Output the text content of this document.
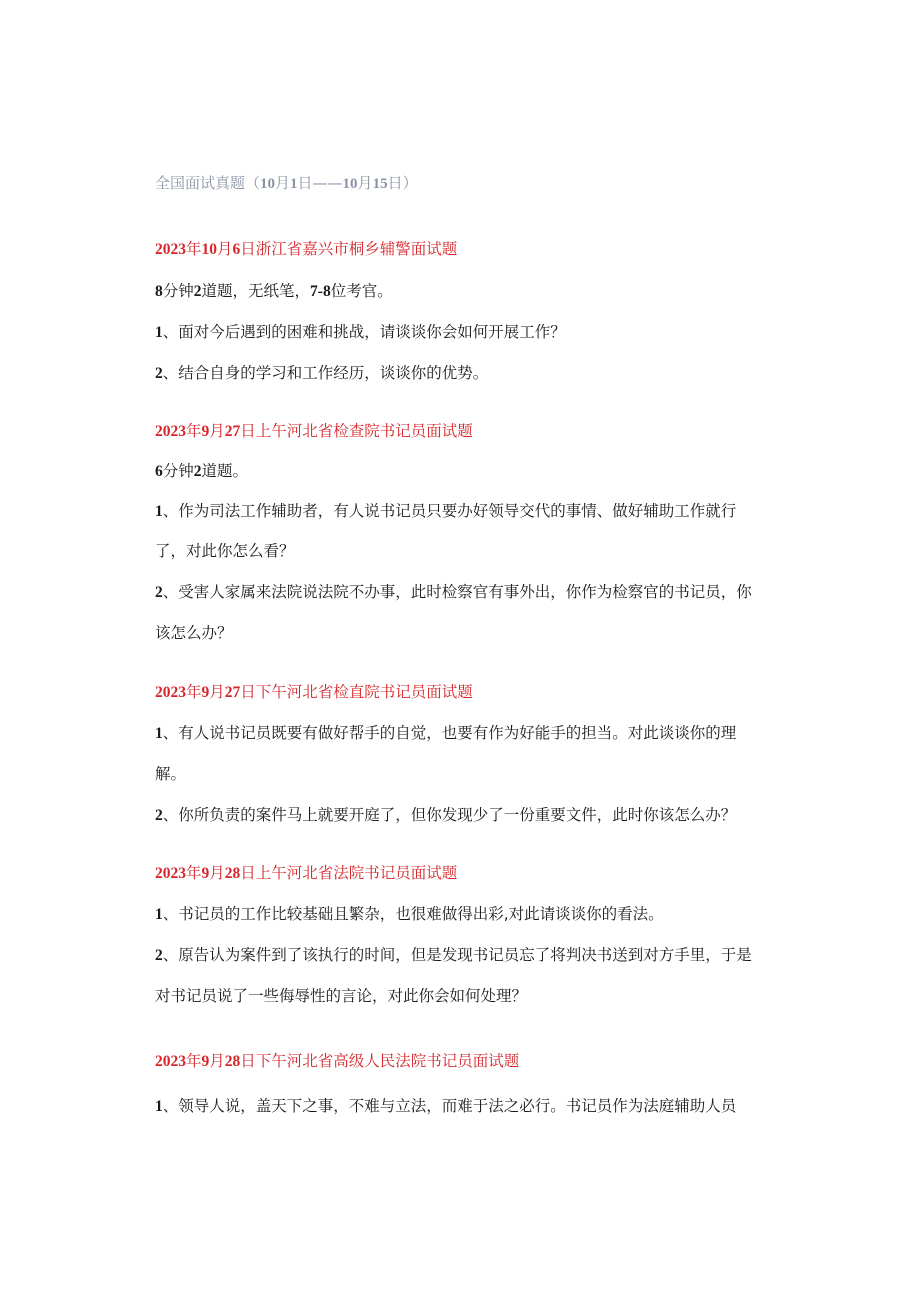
全国面试真题（10月1日——10月15日）
2023年10月6日浙江省嘉兴市桐乡辅警面试题
8分钟2道题，无纸笔，7-8位考官。
1、面对今后遇到的困难和挑战，请谈谈你会如何开展工作？
2、结合自身的学习和工作经历，谈谈你的优势。
2023年9月27日上午河北省检查院书记员面试题
6分钟2道题。
1、作为司法工作辅助者，有人说书记员只要办好领导交代的事情、做好辅助工作就行
了，对此你怎么看？
2、受害人家属来法院说法院不办事，此时检察官有事外出，你作为检察官的书记员，你
该怎么办？
2023年9月27日下午河北省检直院书记员面试题
1、有人说书记员既要有做好帮手的自觉，也要有作为好能手的担当。对此谈谈你的理
解。
2、你所负责的案件马上就要开庭了，但你发现少了一份重要文件，此时你该怎么办？
2023年9月28日上午河北省法院书记员面试题
1、书记员的工作比较基础且繁杂，也很难做得出彩,对此请谈谈你的看法。
2、原告认为案件到了该执行的时间，但是发现书记员忘了将判决书送到对方手里，于是
对书记员说了一些侮辱性的言论，对此你会如何处理？
2023年9月28日下午河北省高级人民法院书记员面试题
1、领导人说，盖天下之事，不难与立法，而难于法之必行。书记员作为法庭辅助人员
